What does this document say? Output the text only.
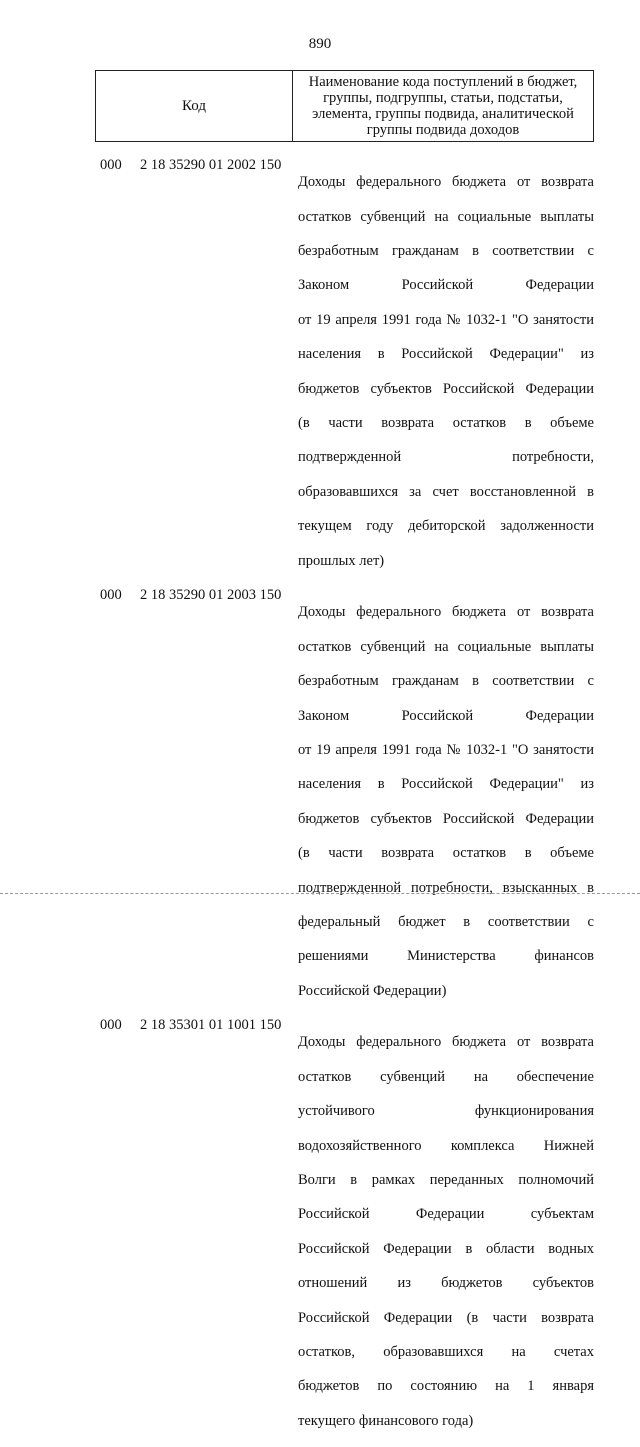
890
Код
Наименование кода поступлений в бюджет, группы, подгруппы, статьи, подстатьи, элемента, группы подвида, аналитической группы подвида доходов
000	2 18 35290 01 2002 150

Доходы федерального бюджета от возврата

остатков субвенций на социальные выплаты

безработным гражданам в соответствии с

Законом Российской Федерации

от 19 апреля 1991 года № 1032-1 "О занятости

населения в Российской Федерации" из

бюджетов субъектов Российской Федерации

(в части возврата остатков в объеме

подтвержденной потребности,

образовавшихся за счет восстановленной в

текущем году дебиторской задолженности

прошлых лет)

000	2 18 35290 01 2003 150

Доходы федерального бюджета от возврата

остатков субвенций на социальные выплаты

безработным гражданам в соответствии с

Законом Российской Федерации

от 19 апреля 1991 года № 1032-1 "О занятости

населения в Российской Федерации" из

бюджетов субъектов Российской Федерации

(в части возврата остатков в объеме

подтвержденной потребности, взысканных в

федеральный бюджет в соответствии с

решениями Министерства финансов

Российской Федерации)

000	2 18 35301 01 1001 150

Доходы федерального бюджета от возврата

остатков субвенций на обеспечение

устойчивого функционирования

водохозяйственного комплекса Нижней

Волги в рамках переданных полномочий

Российской Федерации субъектам

Российской Федерации в области водных

отношений из бюджетов субъектов

Российской Федерации (в части возврата

остатков, образовавшихся на счетах

бюджетов по состоянию на 1 января

текущего финансового года)
